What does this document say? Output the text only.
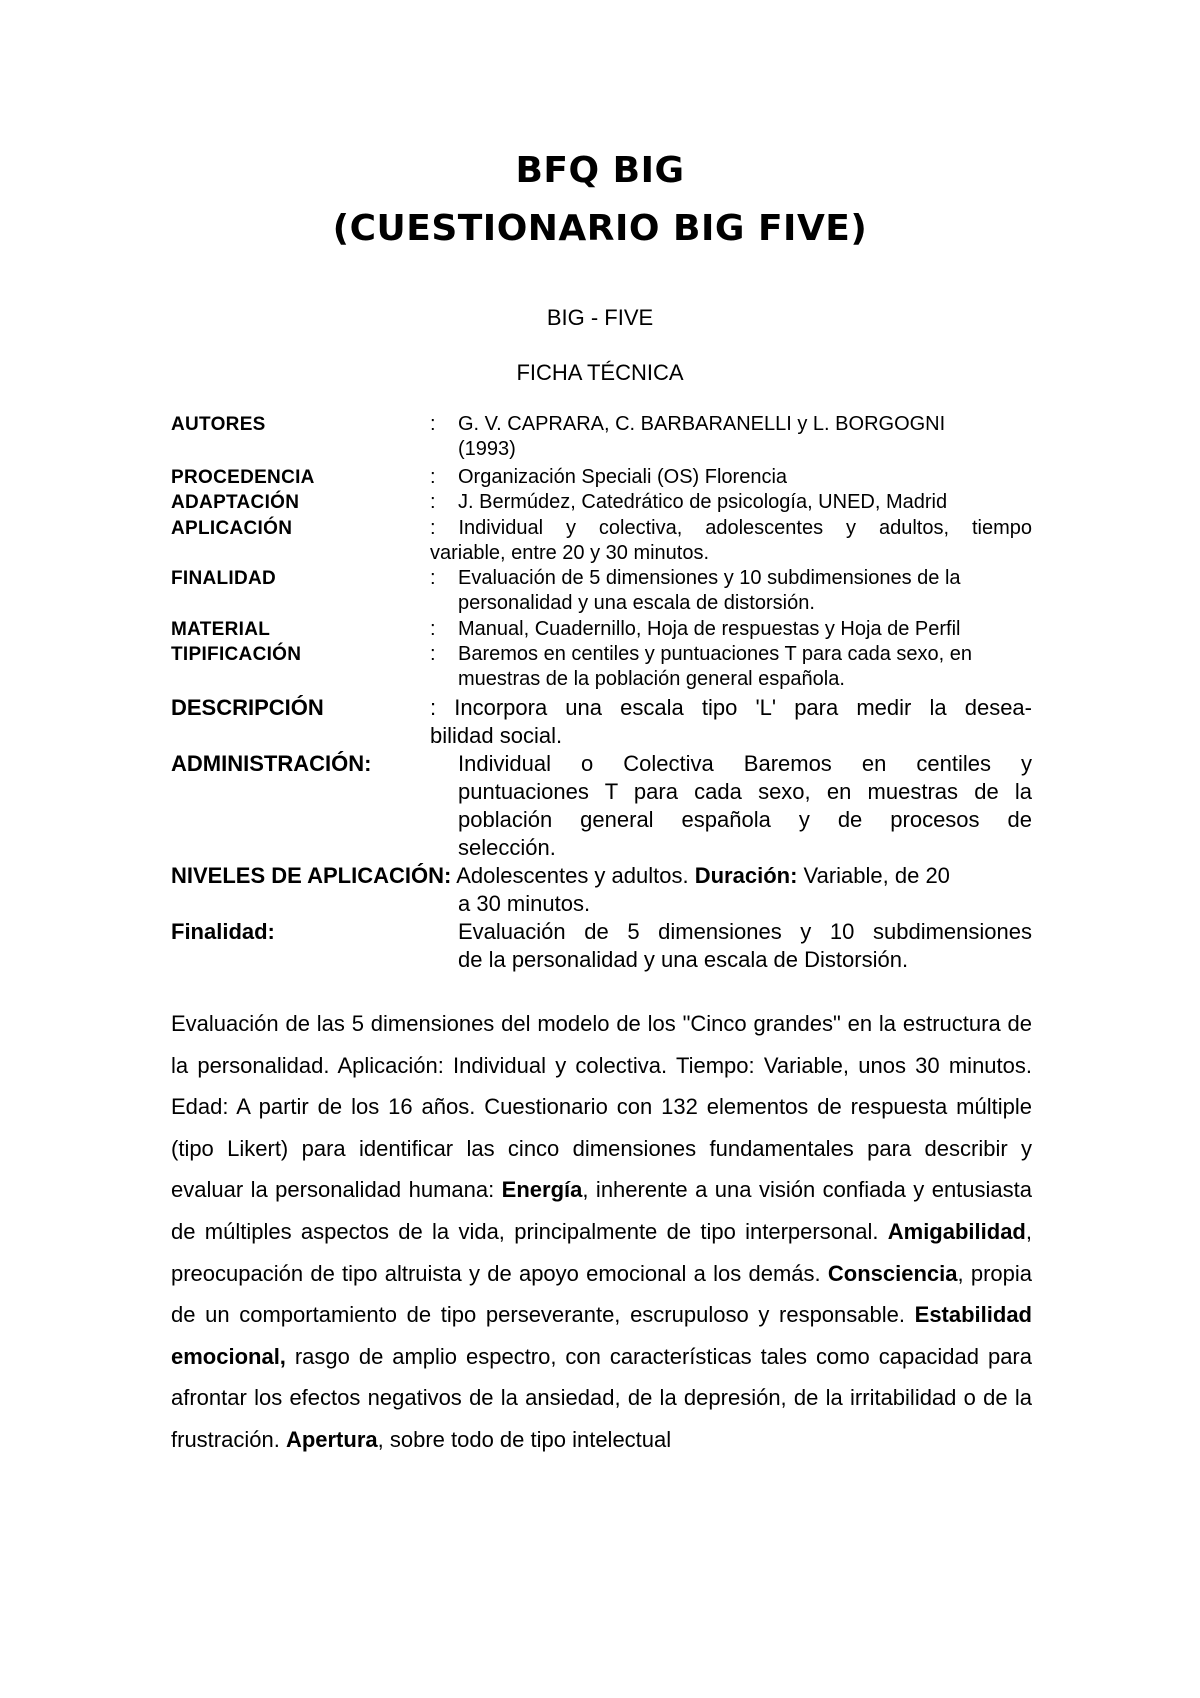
BFQ BIG
(CUESTIONARIO BIG FIVE)
BIG - FIVE
FICHA TÉCNICA
AUTORES	: G. V. CAPRARA, C. BARBARANELLI y L. BORGOGNI
(1993)
PROCEDENCIA	: Organización Speciali (OS) Florencia
ADAPTACIÓN	: J. Bermúdez, Catedrático de psicología, UNED, Madrid
APLICACIÓN	: Individual y colectiva, adolescentes y adultos, tiempo
variable, entre 20 y 30 minutos.
FINALIDAD	: Evaluación de 5 dimensiones y 10 subdimensiones de la
personalidad y una escala de distorsión.
MATERIAL	: Manual, Cuadernillo, Hoja de respuestas y Hoja de Perfil
TIPIFICACIÓN	: Baremos en centiles y puntuaciones T para cada sexo, en
muestras de la población general española.
DESCRIPCIÓN	: Incorpora una escala tipo 'L' para medir la desea-
bilidad social.
ADMINISTRACIÓN:	Individual o Colectiva Baremos en centiles y
puntuaciones T para cada sexo, en muestras de la
población general española y de procesos de
selección.
NIVELES DE APLICACIÓN: Adolescentes y adultos. Duración: Variable, de 20
a 30 minutos.
Finalidad:	Evaluación de 5 dimensiones y 10 subdimensiones
de la personalidad y una escala de Distorsión.
Evaluación de las 5 dimensiones del modelo de los "Cinco grandes" en la estructura de la personalidad. Aplicación: Individual y colectiva. Tiempo: Variable, unos 30 minutos. Edad: A partir de los 16 años. Cuestionario con 132 elementos de respuesta múltiple (tipo Likert) para identificar las cinco dimensiones fundamentales para describir y evaluar la personalidad humana: Energía, inherente a una visión confiada y entusiasta de múltiples aspectos de la vida, principalmente de tipo interpersonal. Amigabilidad, preocupación de tipo altruista y de apoyo emocional a los demás. Consciencia, propia de un comportamiento de tipo perseverante, escrupuloso y responsable. Estabilidad emocional, rasgo de amplio espectro, con características tales como capacidad para afrontar los efectos negativos de la ansiedad, de la depresión, de la irritabilidad o de la frustración. Apertura, sobre todo de tipo intelectual
